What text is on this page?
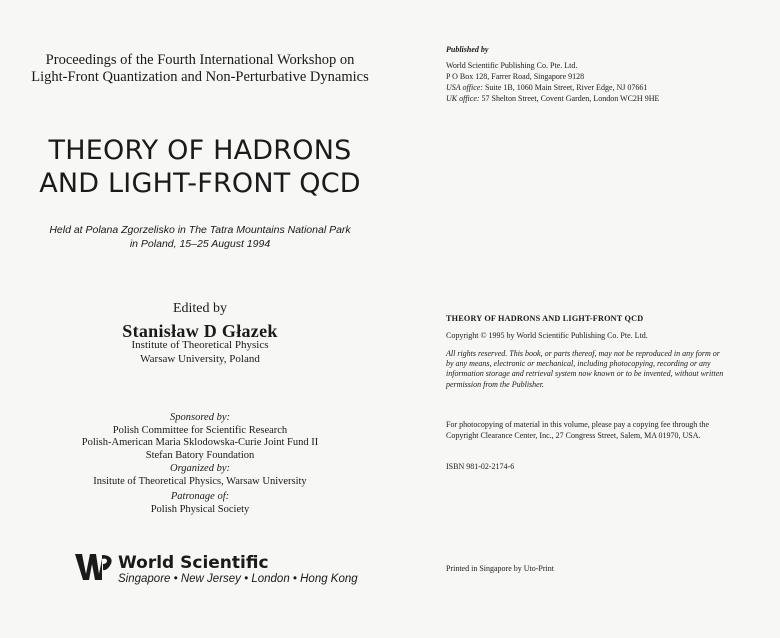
Proceedings of the Fourth International Workshop on
Light-Front Quantization and Non-Perturbative Dynamics
THEORY OF HADRONS
AND LIGHT-FRONT QCD
Held at Polana Zgorzelisko in The Tatra Mountains National Park
in Poland, 15–25 August 1994
Edited by
Stanisław D Głazek
Institute of Theoretical Physics
Warsaw University, Poland
Sponsored by:
Polish Committee for Scientific Research
Polish-American Maria Sklodowska-Curie Joint Fund II
Stefan Batory Foundation
Organized by:
Insitute of Theoretical Physics, Warsaw University
Patronage of:
Polish Physical Society
World Scientific
Singapore • New Jersey • London • Hong Kong
Published by
World Scientific Publishing Co. Pte. Ltd.
P O Box 128, Farrer Road, Singapore 9128
USA office: Suite 1B, 1060 Main Street, River Edge, NJ 07661
UK office: 57 Shelton Street, Covent Garden, London WC2H 9HE
THEORY OF HADRONS AND LIGHT-FRONT QCD
Copyright © 1995 by World Scientific Publishing Co. Pte. Ltd.
All rights reserved. This book, or parts thereof, may not be reproduced in any form or
by any means, electronic or mechanical, including photocopying, recording or any
information storage and retrieval system now known or to be invented, without written
permission from the Publisher.
For photocopying of material in this volume, please pay a copying fee through the
Copyright Clearance Center, Inc., 27 Congress Street, Salem, MA 01970, USA.
ISBN 981-02-2174-6
Printed in Singapore by Uto-Print
